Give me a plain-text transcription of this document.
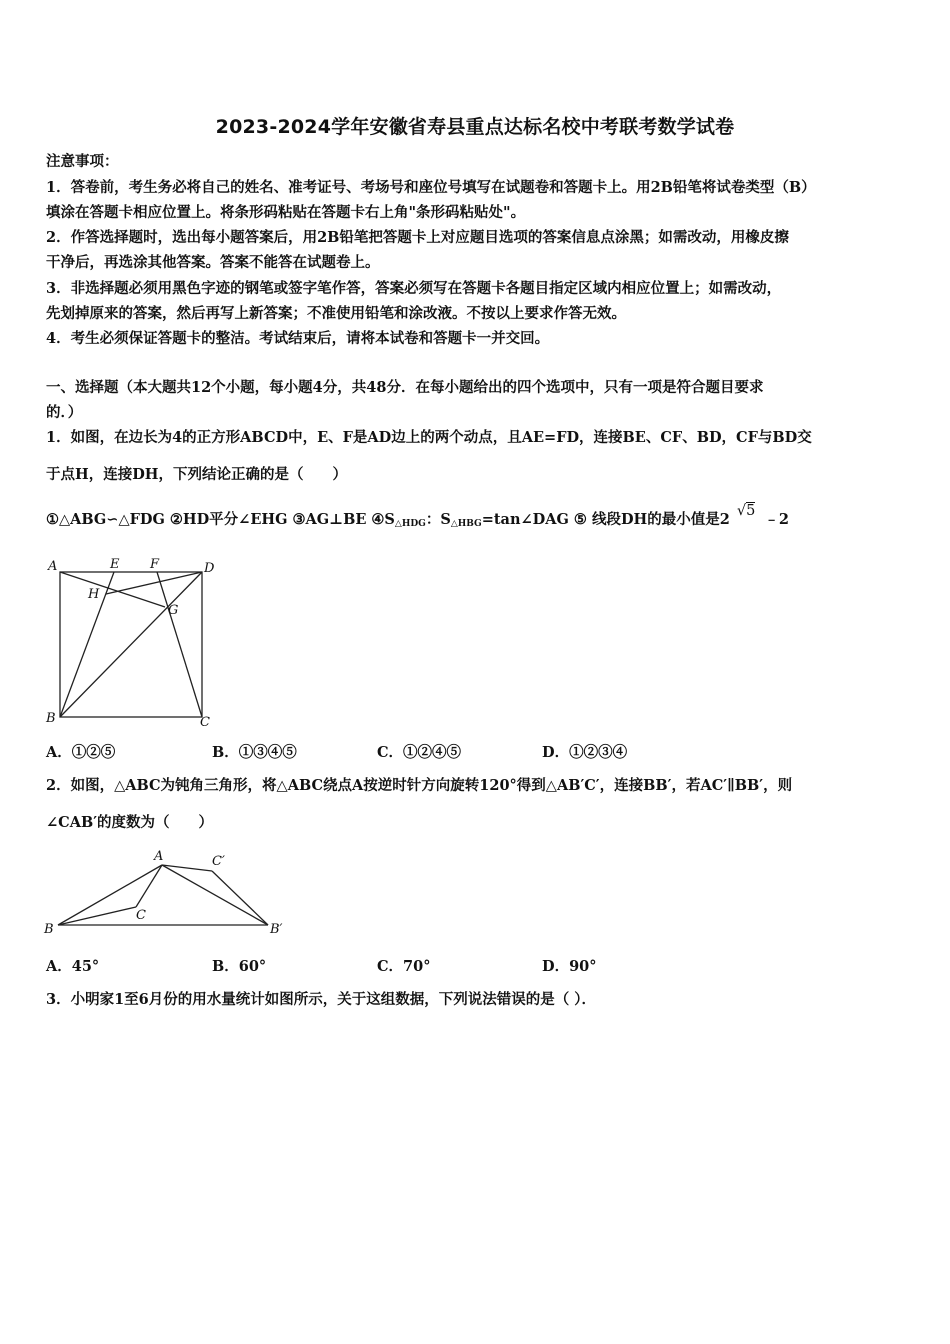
2023-2024学年安徽省寿县重点达标名校中考联考数学试卷
注意事项：
1．答卷前，考生务必将自己的姓名、准考证号、考场号和座位号填写在试题卷和答题卡上。用2B铅笔将试卷类型（B）
填涂在答题卡相应位置上。将条形码粘贴在答题卡右上角"条形码粘贴处"。
2．作答选择题时，选出每小题答案后，用2B铅笔把答题卡上对应题目选项的答案信息点涂黑；如需改动，用橡皮擦
干净后，再选涂其他答案。答案不能答在试题卷上。
3．非选择题必须用黑色字迹的钢笔或签字笔作答，答案必须写在答题卡各题目指定区域内相应位置上；如需改动，
先划掉原来的答案，然后再写上新答案；不准使用铅笔和涂改液。不按以上要求作答无效。
4．考生必须保证答题卡的整洁。考试结束后，请将本试卷和答题卡一并交回。
一、选择题（本大题共12个小题，每小题4分，共48分．在每小题给出的四个选项中，只有一项是符合题目要求
的．）
1．如图，在边长为4的正方形ABCD中，E、F是AD边上的两个动点，且AE=FD，连接BE、CF、BD，CF与BD交
于点H，连接DH，下列结论正确的是（　　）
①△ABG∽△FDG ②HD平分∠EHG ③AG⊥BE $④S_{\triangle HDG}$：$S_{\triangle HBG}=\tan\angle DAG$ ⑤ 线段DH的最小值是2 √5 ﹣2
A	E F	D
H
G
B	C
A．①②⑤	B．①③④⑤	C．①②④⑤	D．①②③④
2．如图，△ABC为钝角三角形，将△ABC绕点A按逆时针方向旋转120°得到△AB′C′，连接BB′，若AC′∥BB′，则
∠CAB′的度数为（　　）
A	C′
C
B	B′
A．45°	B．60°	C．70°	D．90°
3．小明家1至6月份的用水量统计如图所示，关于这组数据，下列说法错误的是（ ）．
